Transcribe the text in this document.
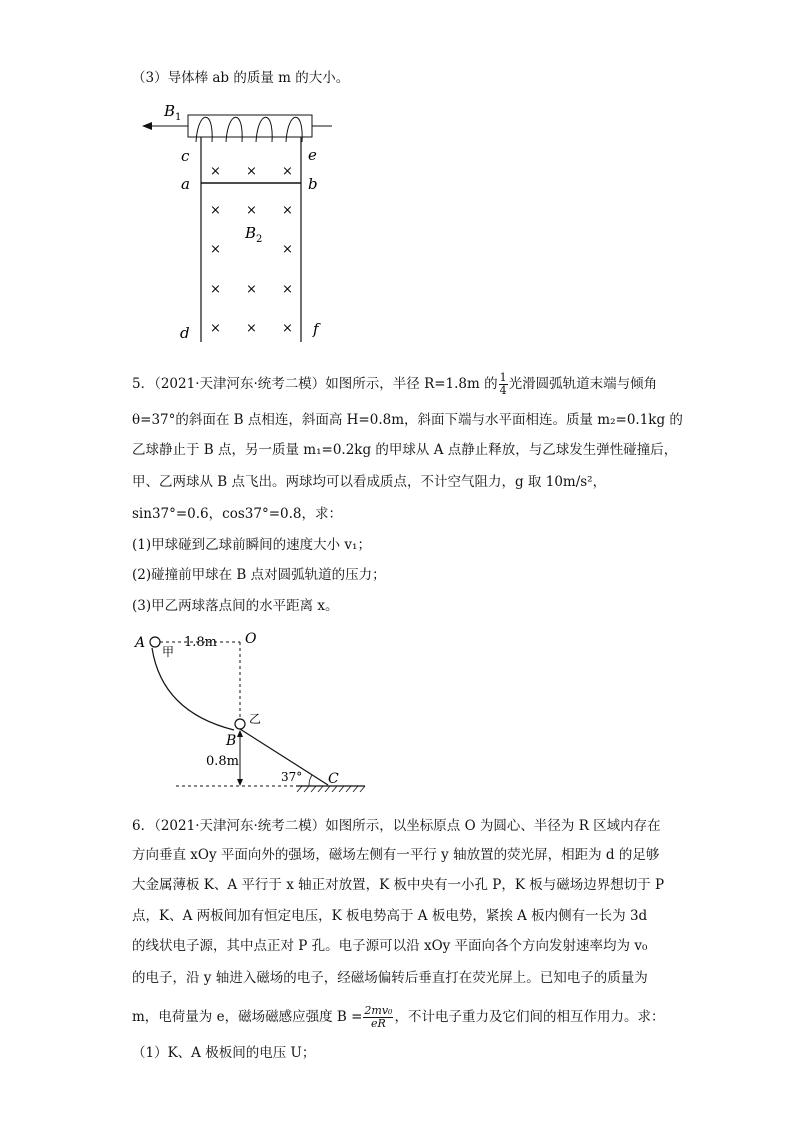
（3）导体棒 ab 的质量 m 的大小。
B 1
c	e
a	b
d	f
B 2
× × ×
× × ×
×	×
× × ×
× × ×
5．（2021·天津河东·统考二模）如图所示，半径 R=1.8m 的 $\frac{1}{4}$ 光滑圆弧轨道末端与倾角
θ=37°的斜面在 B 点相连，斜面高 H=0.8m，斜面下端与水平面相连。质量 m₂=0.1kg 的
乙球静止于 B 点，另一质量 m₁=0.2kg 的甲球从 A 点静止释放，与乙球发生弹性碰撞后，
甲、乙两球从 B 点飞出。两球均可以看成质点，不计空气阻力，g 取 10m/s²，
sin37°=0.6，cos37°=0.8，求：
(1)甲球碰到乙球前瞬间的速度大小 v₁；
(2)碰撞前甲球在 B 点对圆弧轨道的压力；
(3)甲乙两球落点间的水平距离 x。
A
甲
1.8m O
乙
B
0.8m
37° C
6．（2021·天津河东·统考二模）如图所示，以坐标原点 O 为圆心、半径为 R 区域内存在
方向垂直 xOy 平面向外的强场，磁场左侧有一平行 y 轴放置的荧光屏，相距为 d 的足够
大金属薄板 K、A 平行于 x 轴正对放置，K 板中央有一小孔 P，K 板与磁场边界想切于 P
点，K、A 两板间加有恒定电压，K 板电势高于 A 板电势，紧挨 A 板内侧有一长为 3d
的线状电子源，其中点正对 P 孔。电子源可以沿 xOy 平面向各个方向发射速率均为 v₀
的电子，沿 y 轴进入磁场的电子，经磁场偏转后垂直打在荧光屏上。已知电子的质量为
m，电荷量为 e，磁场磁感应强度 $B = \frac{\text{2mv₀}}{eR}$ ，不计电子重力及它们间的相互作用力。求：
（1）K、A 极板间的电压 U；
